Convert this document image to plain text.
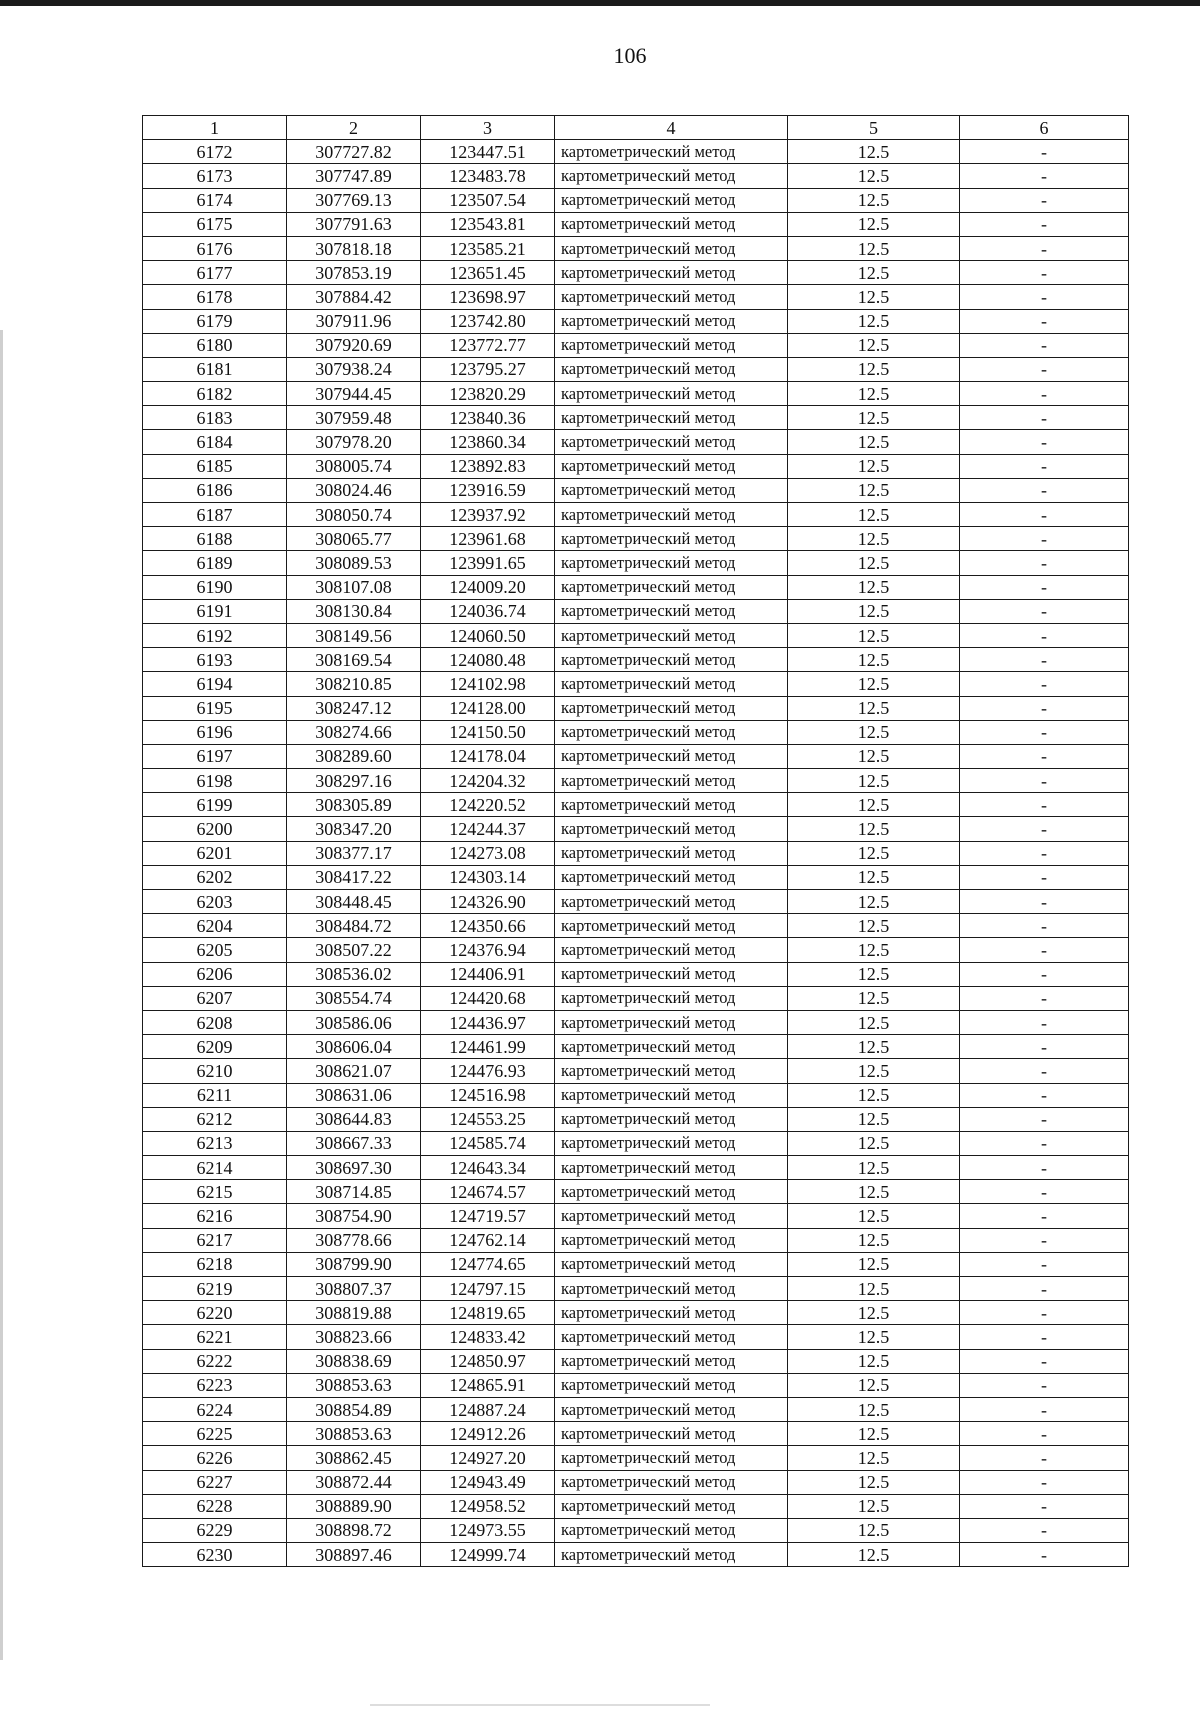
106
1	2	3	4	5	6
6172	307727.82	123447.51	картометрический метод	12.5	-
6173	307747.89	123483.78	картометрический метод	12.5	-
6174	307769.13	123507.54	картометрический метод	12.5	-
6175	307791.63	123543.81	картометрический метод	12.5	-
6176	307818.18	123585.21	картометрический метод	12.5	-
6177	307853.19	123651.45	картометрический метод	12.5	-
6178	307884.42	123698.97	картометрический метод	12.5	-
6179	307911.96	123742.80	картометрический метод	12.5	-
6180	307920.69	123772.77	картометрический метод	12.5	-
6181	307938.24	123795.27	картометрический метод	12.5	-
6182	307944.45	123820.29	картометрический метод	12.5	-
6183	307959.48	123840.36	картометрический метод	12.5	-
6184	307978.20	123860.34	картометрический метод	12.5	-
6185	308005.74	123892.83	картометрический метод	12.5	-
6186	308024.46	123916.59	картометрический метод	12.5	-
6187	308050.74	123937.92	картометрический метод	12.5	-
6188	308065.77	123961.68	картометрический метод	12.5	-
6189	308089.53	123991.65	картометрический метод	12.5	-
6190	308107.08	124009.20	картометрический метод	12.5	-
6191	308130.84	124036.74	картометрический метод	12.5	-
6192	308149.56	124060.50	картометрический метод	12.5	-
6193	308169.54	124080.48	картометрический метод	12.5	-
6194	308210.85	124102.98	картометрический метод	12.5	-
6195	308247.12	124128.00	картометрический метод	12.5	-
6196	308274.66	124150.50	картометрический метод	12.5	-
6197	308289.60	124178.04	картометрический метод	12.5	-
6198	308297.16	124204.32	картометрический метод	12.5	-
6199	308305.89	124220.52	картометрический метод	12.5	-
6200	308347.20	124244.37	картометрический метод	12.5	-
6201	308377.17	124273.08	картометрический метод	12.5	-
6202	308417.22	124303.14	картометрический метод	12.5	-
6203	308448.45	124326.90	картометрический метод	12.5	-
6204	308484.72	124350.66	картометрический метод	12.5	-
6205	308507.22	124376.94	картометрический метод	12.5	-
6206	308536.02	124406.91	картометрический метод	12.5	-
6207	308554.74	124420.68	картометрический метод	12.5	-
6208	308586.06	124436.97	картометрический метод	12.5	-
6209	308606.04	124461.99	картометрический метод	12.5	-
6210	308621.07	124476.93	картометрический метод	12.5	-
6211	308631.06	124516.98	картометрический метод	12.5	-
6212	308644.83	124553.25	картометрический метод	12.5	-
6213	308667.33	124585.74	картометрический метод	12.5	-
6214	308697.30	124643.34	картометрический метод	12.5	-
6215	308714.85	124674.57	картометрический метод	12.5	-
6216	308754.90	124719.57	картометрический метод	12.5	-
6217	308778.66	124762.14	картометрический метод	12.5	-
6218	308799.90	124774.65	картометрический метод	12.5	-
6219	308807.37	124797.15	картометрический метод	12.5	-
6220	308819.88	124819.65	картометрический метод	12.5	-
6221	308823.66	124833.42	картометрический метод	12.5	-
6222	308838.69	124850.97	картометрический метод	12.5	-
6223	308853.63	124865.91	картометрический метод	12.5	-
6224	308854.89	124887.24	картометрический метод	12.5	-
6225	308853.63	124912.26	картометрический метод	12.5	-
6226	308862.45	124927.20	картометрический метод	12.5	-
6227	308872.44	124943.49	картометрический метод	12.5	-
6228	308889.90	124958.52	картометрический метод	12.5	-
6229	308898.72	124973.55	картометрический метод	12.5	-
6230	308897.46	124999.74	картометрический метод	12.5	-
